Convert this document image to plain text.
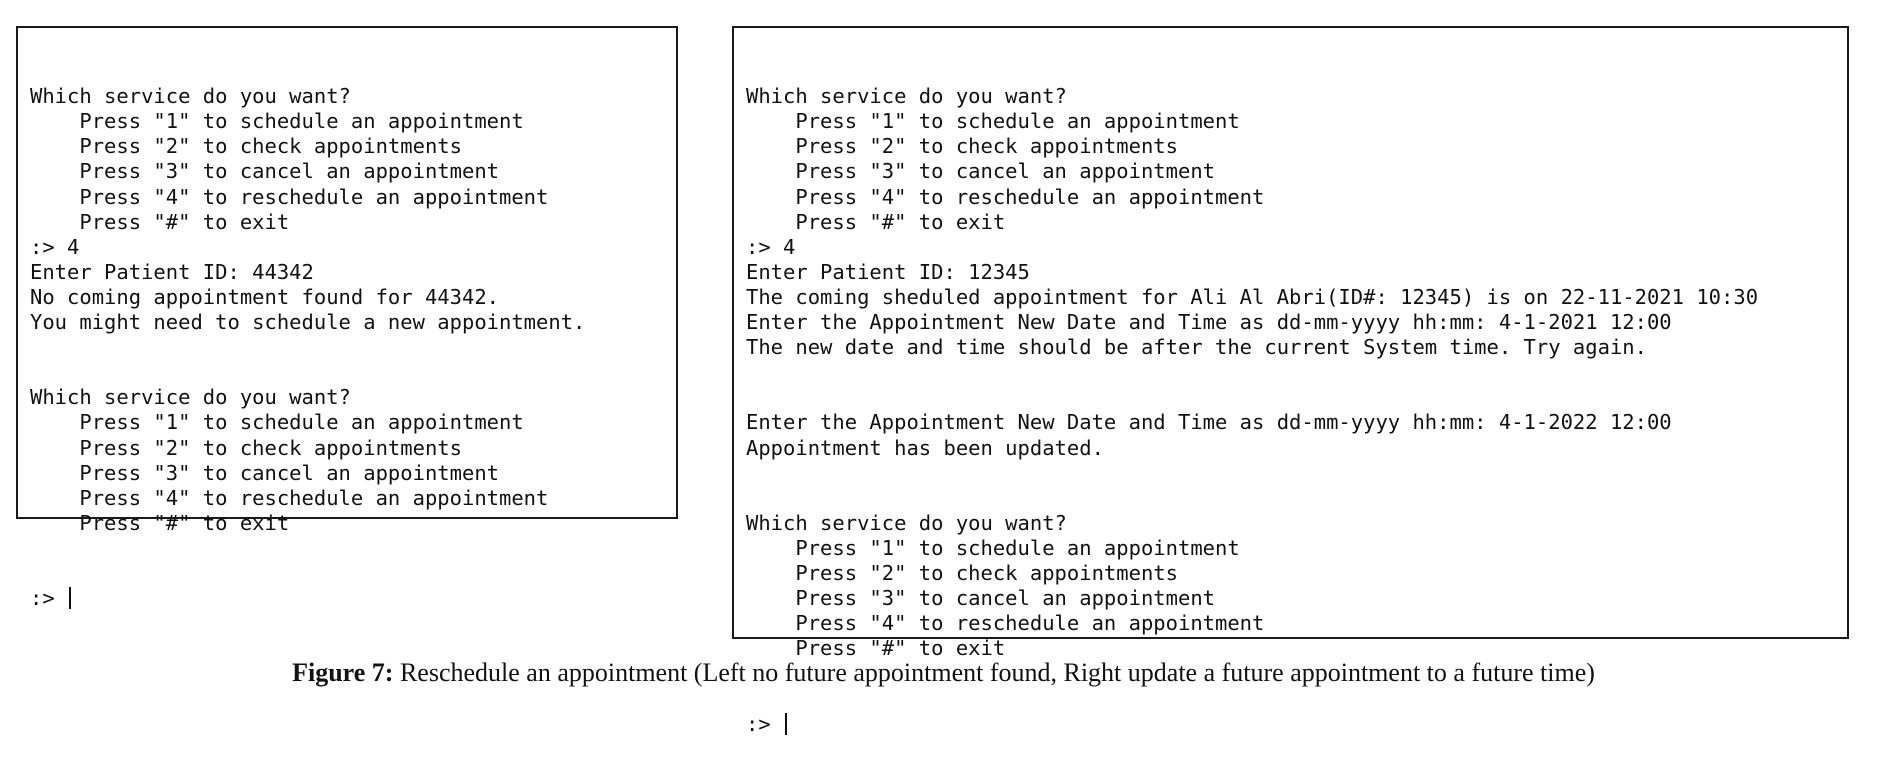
Which service do you want?
Press "1" to schedule an appointment
Press "2" to check appointments
Press "3" to cancel an appointment
Press "4" to reschedule an appointment
Press "#" to exit
:> 4
Enter Patient ID: 44342
No coming appointment found for 44342.
You might need to schedule a new appointment.
Which service do you want?
Press "1" to schedule an appointment
Press "2" to check appointments
Press "3" to cancel an appointment
Press "4" to reschedule an appointment
Press "#" to exit

:>

Which service do you want?
Press "1" to schedule an appointment
Press "2" to check appointments
Press "3" to cancel an appointment
Press "4" to reschedule an appointment
Press "#" to exit
:> 4
Enter Patient ID: 12345
The coming sheduled appointment for Ali Al Abri(ID#: 12345) is on 22-11-2021 10:30
Enter the Appointment New Date and Time as dd-mm-yyyy hh:mm: 4-1-2021 12:00
The new date and time should be after the current System time. Try again.
Enter the Appointment New Date and Time as dd-mm-yyyy hh:mm: 4-1-2022 12:00
Appointment has been updated.
Which service do you want?
Press "1" to schedule an appointment
Press "2" to check appointments
Press "3" to cancel an appointment
Press "4" to reschedule an appointment
Press "#" to exit

:>

Figure 7: Reschedule an appointment (Left no future appointment found, Right update a future appointment to a future time)
